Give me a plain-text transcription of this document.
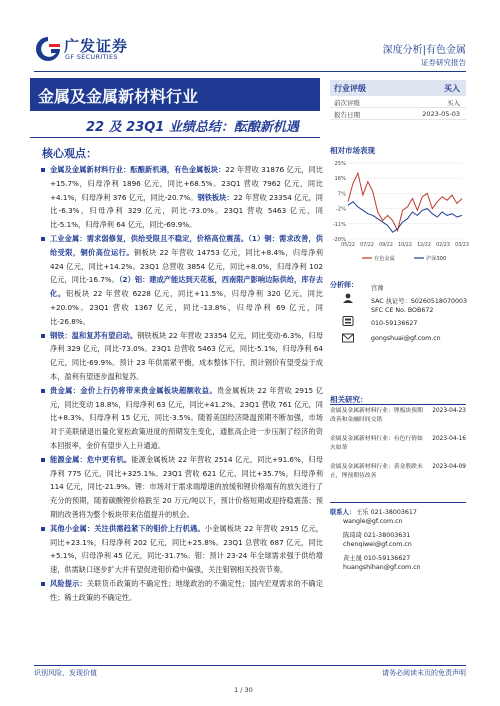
广发证券
GF SECURITIES
深度分析|有色金属
证券研究报告
金属及金属新材料行业
22 及 23Q1 业绩总结：酝酿新机遇
核心观点：
金属及金属新材料行业：酝酿新机遇，有色金属板块：22 年营收 31876 亿元，同比+15.7%，归母净利 1896 亿元，同比+68.5%。23Q1 营收 7962 亿元，同比+4.1%，归母净利 376 亿元，同比-20.7%。钢铁板块：22 年营收 23354 亿元，同比-6.3%，归母净利 329 亿元，同比-73.0%。23Q1 营收 5463 亿元，同比-5.1%，归母净利 64 亿元，同比-69.9%。
工业金属：需求弱修复，供给受限且不稳定，价格高位震荡。（1）铜：需求改善，供给受限，铜价高位运行。铜板块 22 年营收 14753 亿元，同比+8.4%，归母净利 424 亿元，同比+14.2%。23Q1 总营收 3854 亿元，同比+8.0%，归母净利 102 亿元，同比-16.7%。（2）铝：建成产能达到天花板，西南限产影响边际供给，库存去化。铝板块 22 年营收 6228 亿元，同比+11.5%，归母净利 320 亿元，同比+20.0%。23Q1 营收 1367 亿元，同比-13.8%，归母净利 69 亿元，同比-26.8%。
钢铁：温和复苏有望启动。钢铁板块 22 年营收 23354 亿元，同比变动-6.3%，归母净利 329 亿元，同比-73.0%。23Q1 总营收 5463 亿元，同比-5.1%，归母净利 64 亿元，同比-69.9%。预计 23 年供需紧平衡，成本整体下行，预计钢价有望受益于成本，盈利有望逐步温和复苏。
贵金属：金价上行仍将带来贵金属板块超额收益。贵金属板块 22 年营收 2915 亿元，同比变动 18.8%，归母净利 63 亿元，同比+41.2%。23Q1 营收 761 亿元，同比+8.3%，归母净利 15 亿元，同比-3.5%。随着美国经济降温预期不断加强，市场对于美联储退出量化宽松政策进度的预期发生变化，通胀高企进一步压制了经济的资本回报率，金价有望步入上升通道。
能源金属：危中更有机。能源金属板块 22 年营收 2514 亿元，同比+91.6%，归母净利 775 亿元，同比+325.1%。23Q1 营收 621 亿元，同比+35.7%，归母净利 114 亿元，同比-21.9%。锂：市场对于需求端增速的放缓和锂价格端有的放矢进行了充分的预期，随着碳酸锂价格跌至 20 万元/吨以下，预计价格短期或迎持稳震荡；预期的改善将为整个板块带来估值提升的机会。
其他小金属：关注供需趋紧下的钼价上行机遇。小金属板块 22 年营收 2915 亿元，同比+23.1%，归母净利 202 亿元，同比+25.8%。23Q1 总营收 687 亿元，同比+5.1%，归母净利 45 亿元，同比-31.7%。钼：预计 23-24 年全球需求强于供给增速，供需缺口逐步扩大并有望促进钼价稳中偏强，关注钼钢相关投资节奏。
风险提示：关联货币政策的不确定性；地缘政治的不确定性；国内宏观需求的不确定性；稀土政策的不确定性。
行业评级	买入
前次评级	买入
报告日期	2023-05-03
相对市场表现
25%
16%
7%
-2%
-11%
-20%
05/22 07/22 09/22 10/22 12/22 02/23 03/23
有色金属	沪深300
分析师： 宫帅
SAC 执证号：S0260518070003
SFC CE No. BOB672
010-59136627
gongshuai@gf.com.cn
相关研究：
金属及金属新材料行业：锂板块预期改善和金融时间交错
2023-04-23
金属及金属新材料行业：有色行情如火如荼
2023-04-16
金属及金属新材料行业：黄金股跌未止，锂预期待改善
2023-04-09
联系人： 王乐 021-38003617
wangle@gf.com.cn
陈琦琦 021-38003631
chenqiwei@gf.com.cn
黄士晟 010-59136627
huangshihan@gf.com.cn
识别风险，发现价值	请务必阅读末页的免责声明
1 / 30
